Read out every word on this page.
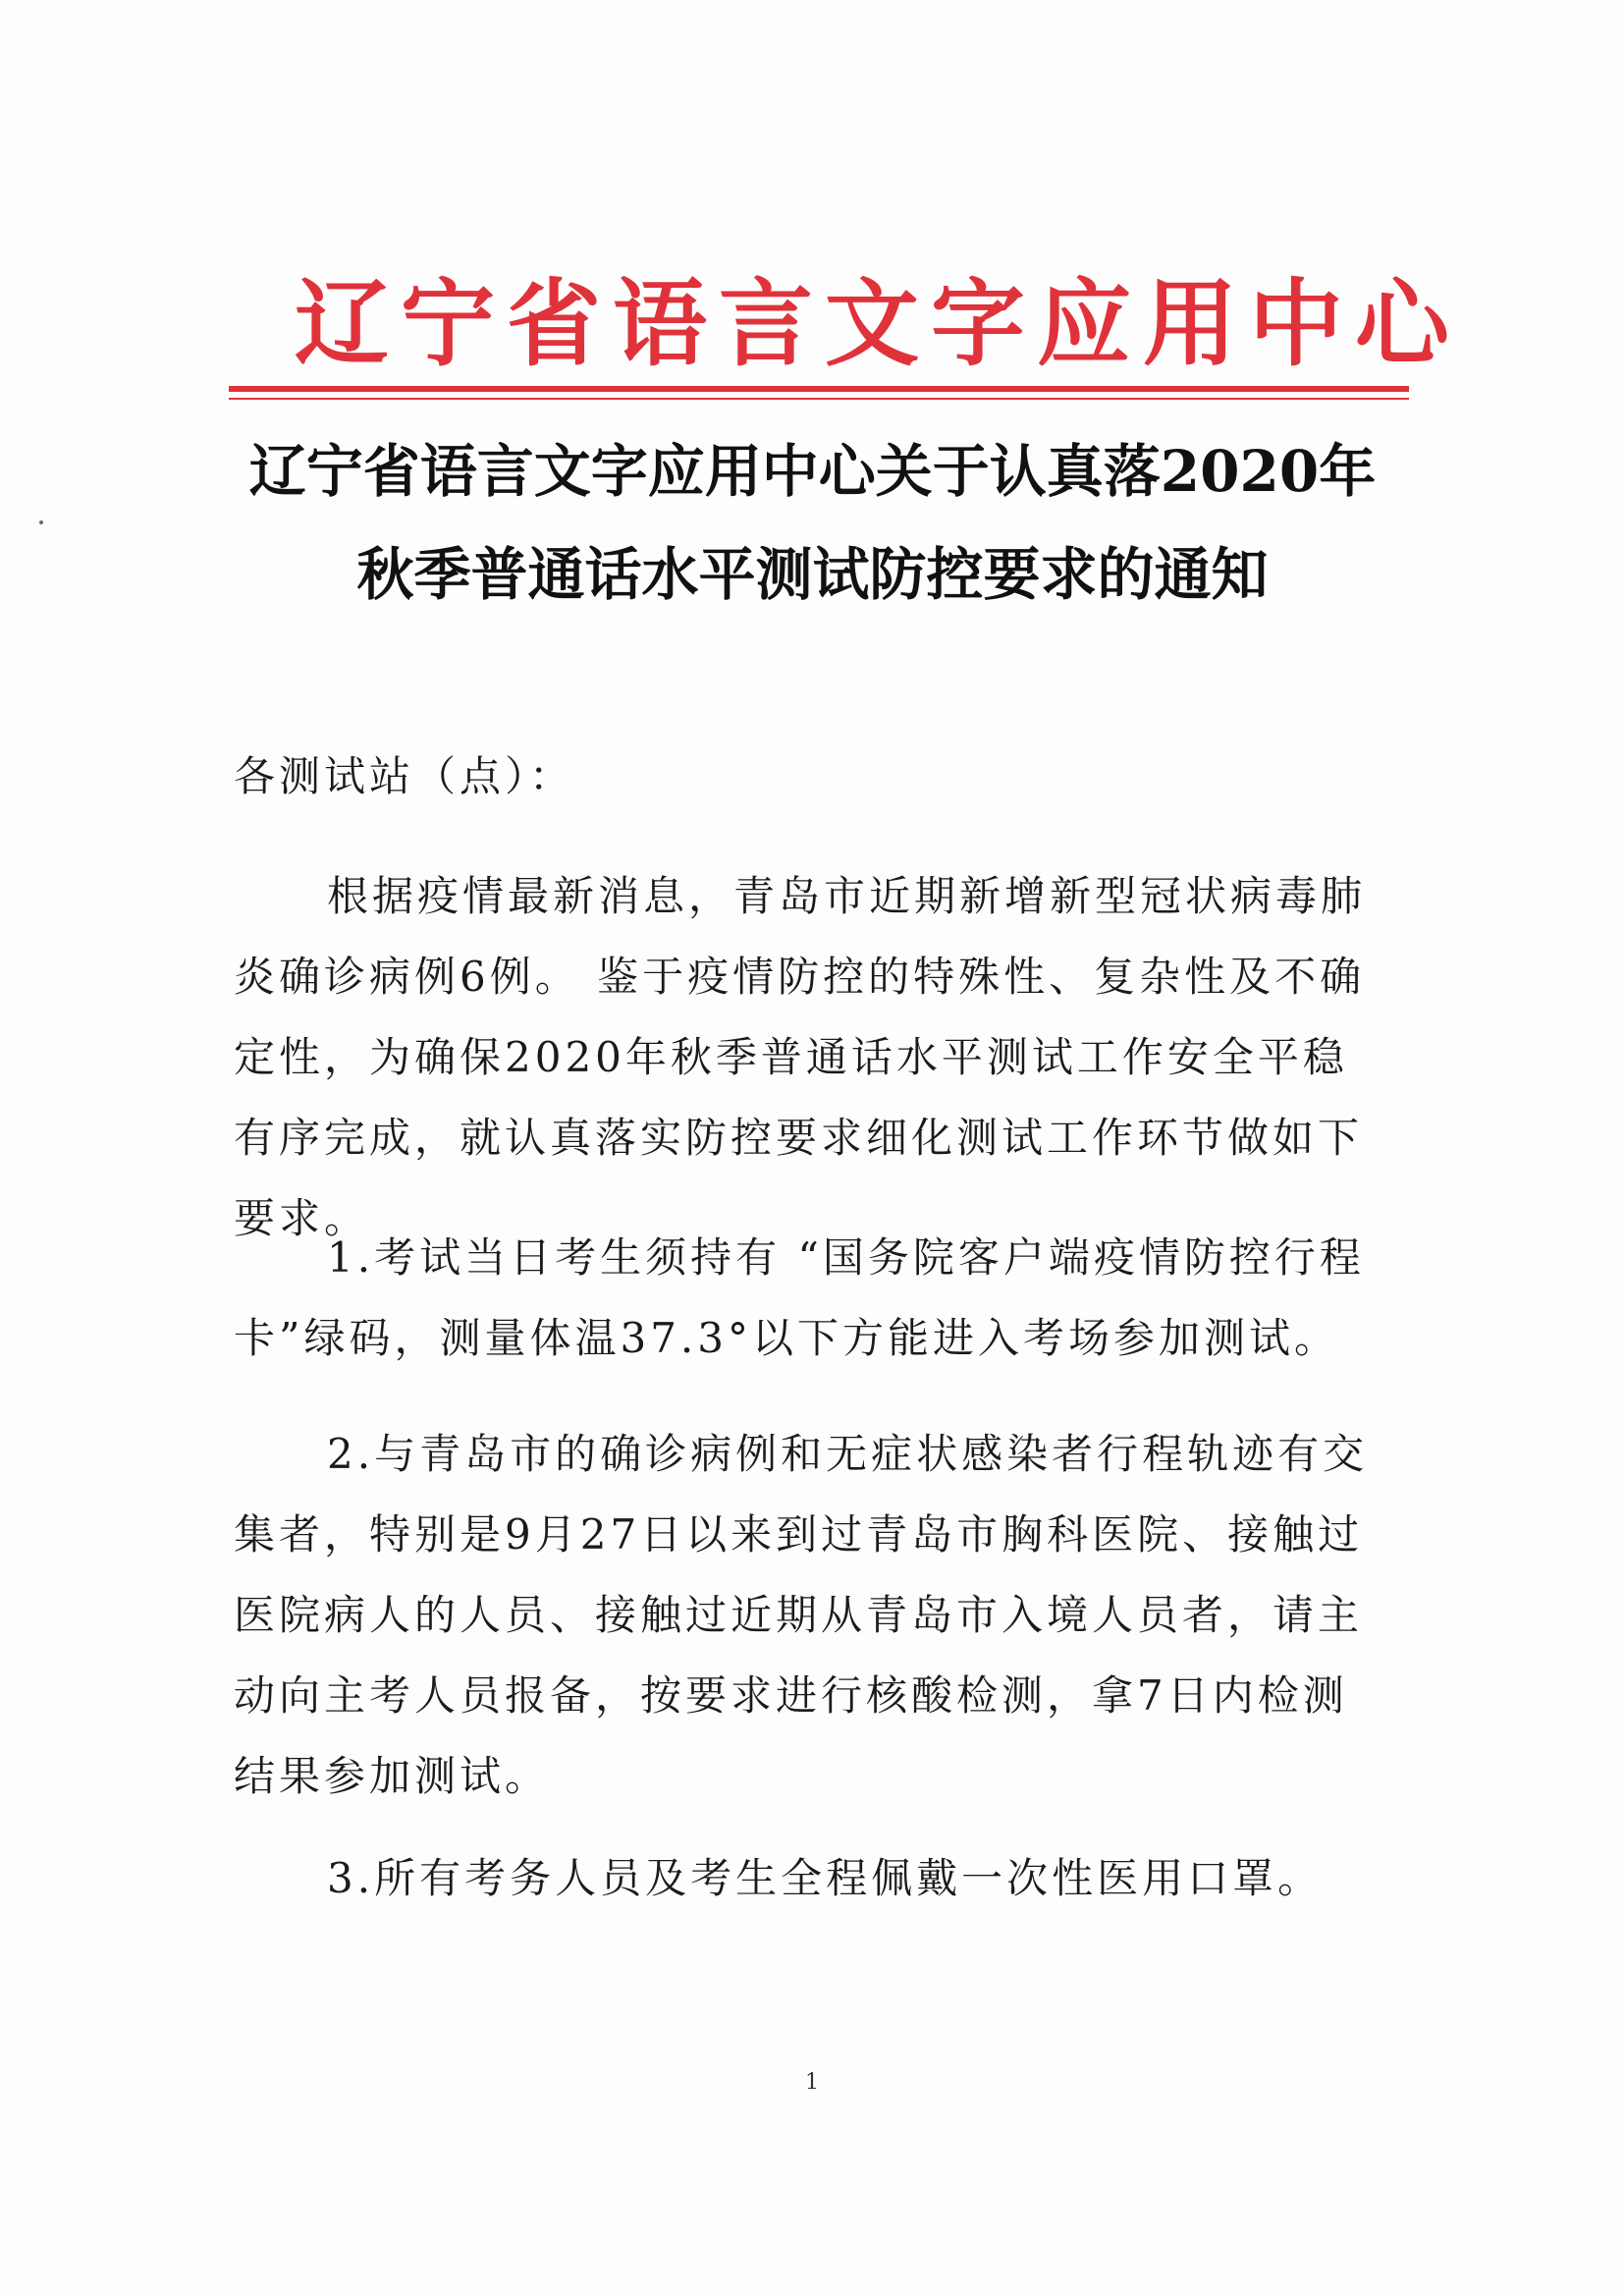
辽宁省语言文字应用中心
辽宁省语言文字应用中心关于认真落2020年
秋季普通话水平测试防控要求的通知
各测试站（点）：
根据疫情最新消息，青岛市近期新增新型冠状病毒肺炎确诊病例6例。 鉴于疫情防控的特殊性、复杂性及不确定性，为确保2020年秋季普通话水平测试工作安全平稳有序完成，就认真落实防控要求细化测试工作环节做如下要求。
1.考试当日考生须持有 “国务院客户端疫情防控行程卡”绿码，测量体温37.3°以下方能进入考场参加测试。
2.与青岛市的确诊病例和无症状感染者行程轨迹有交集者，特别是9月27日以来到过青岛市胸科医院、接触过医院病人的人员、接触过近期从青岛市入境人员者，请主动向主考人员报备，按要求进行核酸检测，拿7日内检测结果参加测试。
3.所有考务人员及考生全程佩戴一次性医用口罩。
1
